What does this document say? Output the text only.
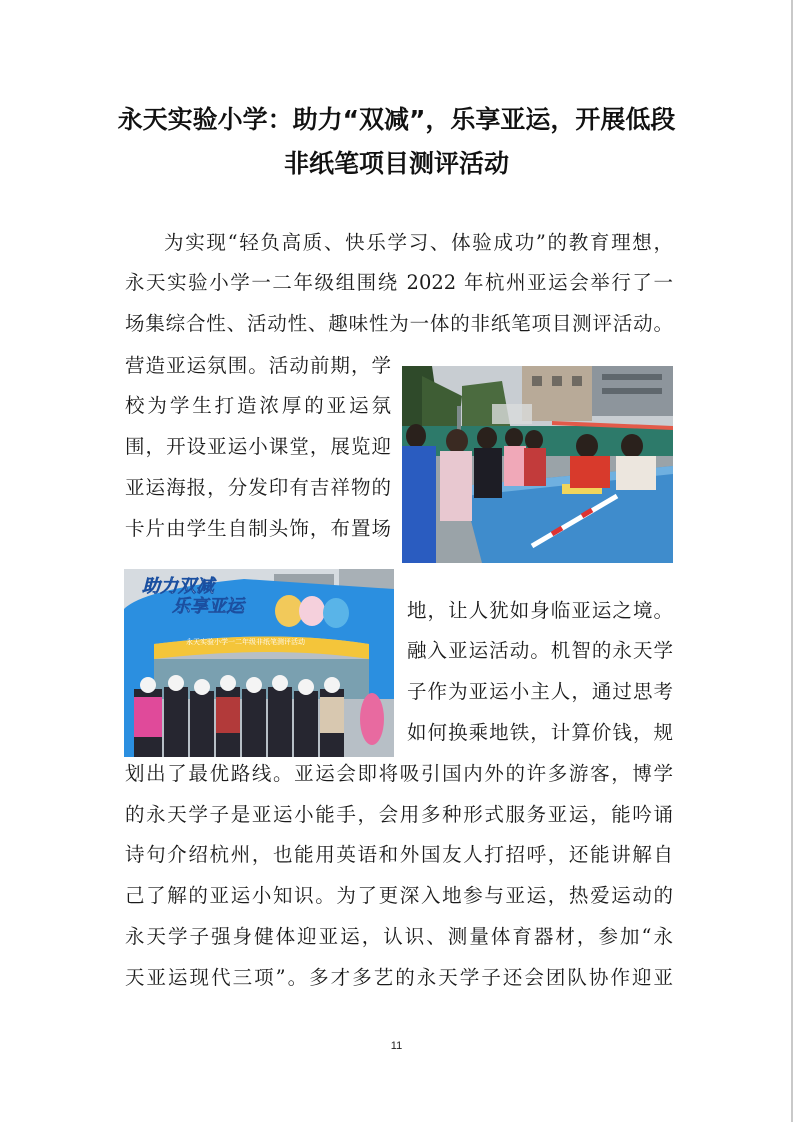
永天实验小学：助力“双减”，乐享亚运，开展低段
非纸笔项目测评活动
为实现“轻负高质、快乐学习、体验成功”的教育理想，
永天实验小学一二年级组围绕 2022 年杭州亚运会举行了一
场集综合性、活动性、趣味性为一体的非纸笔项目测评活动。
营造亚运氛围。活动前期，学
校为学生打造浓厚的亚运氛
围，开设亚运小课堂，展览迎
亚运海报，分发印有吉祥物的
卡片由学生自制头饰，布置场
地，让人犹如身临亚运之境。
融入亚运活动。机智的永天学
子作为亚运小主人，通过思考
如何换乘地铁，计算价钱，规
划出了最优路线。亚运会即将吸引国内外的许多游客，博学
的永天学子是亚运小能手，会用多种形式服务亚运，能吟诵
诗句介绍杭州，也能用英语和外国友人打招呼，还能讲解自
己了解的亚运小知识。为了更深入地参与亚运，热爱运动的
永天学子强身健体迎亚运，认识、测量体育器材，参加“永
天亚运现代三项”。多才多艺的永天学子还会团队协作迎亚
助力双减
乐享亚运
永天实验小学一二年级非纸笔测评活动
11
